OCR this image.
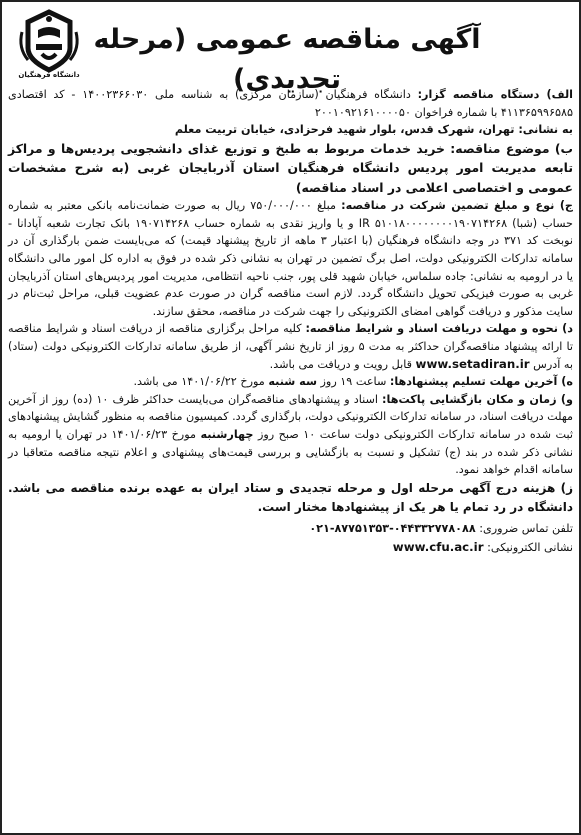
دانشگاه فرهنگیان
آگهی مناقصه عمومی (مرحله تجدیدی)	الف) دستگاه مناقصه گزار: دانشگاه فرهنگیان (سازمان مرکزی) به شناسه ملی ۱۴۰۰۲۳۶۶۰۳۰ - کد اقتصادی ۴۱۱۳۶۵۹۹۶۵۸۵ با شماره فراخوان ۲۰۰۱۰۹۲۱۶۱۰۰۰۰۵۰

به نشانی: تهران، شهرک قدس، بلوار شهید فرحزادی، خیابان تربیت معلم

ب) موضوع مناقصه: خرید خدمات مربوط به طبخ و توزیع غذای دانشجویی پردیس‌ها و مراکز تابعه مدیریت امور پردیس دانشگاه فرهنگیان استان آذربایجان غربی (به شرح مشخصات عمومی و اختصاصی اعلامی در اسناد مناقصه)

ج) نوع و مبلغ تضمین شرکت در مناقصه: مبلغ ۷۵۰/۰۰۰/۰۰۰ ریال به صورت ضمانت‌نامه بانکی معتبر به شماره حساب (شبا) IR ۵۱۰۱۸۰۰۰۰۰۰۰۰۱۹۰۷۱۴۲۶۸ و یا واریز نقدی به شماره حساب ۱۹۰۷۱۴۲۶۸ بانک تجارت شعبه آپادانا - نوبخت کد ۳۷۱ در وجه دانشگاه فرهنگیان (با اعتبار ۳ ماهه از تاریخ پیشنهاد قیمت) که می‌بایست ضمن بارگذاری آن در سامانه تدارکات الکترونیکی دولت، اصل برگ تضمین در تهران به نشانی ذکر شده در فوق به اداره کل امور مالی دانشگاه یا در ارومیه به نشانی: جاده سلماس، خیابان شهید قلی پور، جنب ناحیه انتظامی، مدیریت امور پردیس‌های استان آذربایجان غربی به صورت فیزیکی تحویل دانشگاه گردد. لازم است مناقصه گران در صورت عدم عضویت قبلی، مراحل ثبت‌نام در سایت مذکور و دریافت گواهی امضای الکترونیکی را جهت شرکت در مناقصه، محقق سازند.

د) نحوه و مهلت دریافت اسناد و شرایط مناقصه: کلیه مراحل برگزاری مناقصه از دریافت اسناد و شرایط مناقصه تا ارائه پیشنهاد مناقصه‌گران حداکثر به مدت ۵ روز از تاریخ نشر آگهی، از طریق سامانه تدارکات الکترونیکی دولت (ستاد) به آدرس www.setadiran.ir قابل رویت و دریافت می باشد.

ه) آخرین مهلت تسلیم پیشنهادها: ساعت ۱۹ روز سه شنبه مورخ ۱۴۰۱/۰۶/۲۲ می باشد.

و) زمان و مکان بازگشایی پاکت‌ها: اسناد و پیشنهادهای مناقصه‌گران می‌بایست حداکثر ظرف ۱۰ (ده) روز از آخرین مهلت دریافت اسناد، در سامانه تدارکات الکترونیکی دولت، بارگذاری گردد. کمیسیون مناقصه به منظور گشایش پیشنهادهای ثبت شده در سامانه تدارکات الکترونیکی دولت ساعت ۱۰ صبح روز چهارشنبه مورخ ۱۴۰۱/۰۶/۲۳ در تهران یا ارومیه به نشانی ذکر شده در بند (ج) تشکیل و نسبت به بازگشایی و بررسی قیمت‌های پیشنهادی و اعلام نتیجه مناقصه متعاقبا در سامانه اقدام خواهد نمود.

ز) هزینه درج آگهی مرحله اول و مرحله تجدیدی و ستاد ایران به عهده برنده مناقصه می باشد. دانشگاه در رد تمام یا هر یک از پیشنهادها مختار است.

تلفن تماس ضروری: ۰۲۱-۸۷۷۵۱۳۵۳-۰۴۴۳۳۲۷۷۸۰۸۸
نشانی الکترونیکی: www.cfu.ac.ir
